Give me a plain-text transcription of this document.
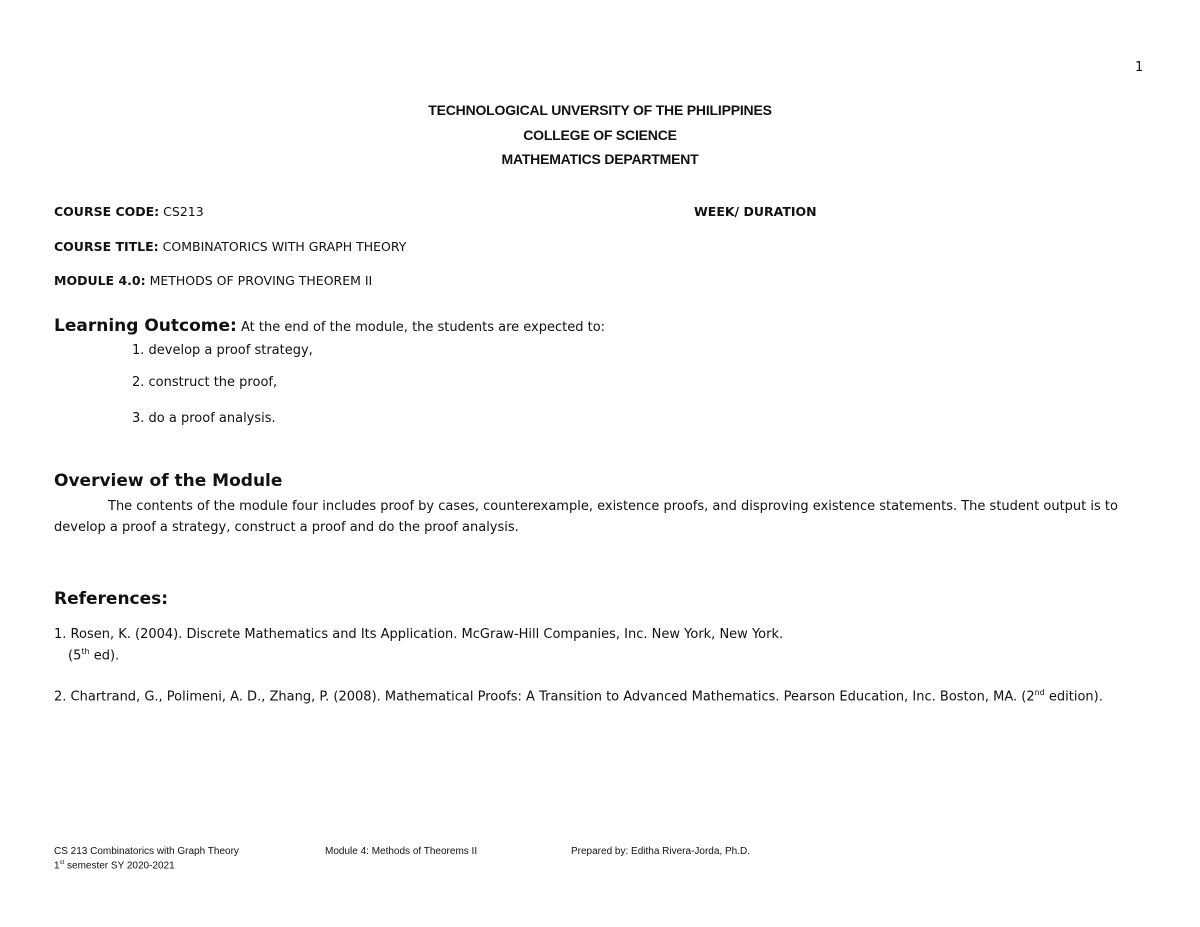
1
TECHNOLOGICAL UNVERSITY OF THE PHILIPPINES
COLLEGE OF SCIENCE
MATHEMATICS DEPARTMENT
COURSE CODE: CS213	WEEK/ DURATION
COURSE TITLE: COMBINATORICS WITH GRAPH THEORY
MODULE 4.0: METHODS OF PROVING THEOREM II
Learning Outcome: At the end of the module, the students are expected to:
1. develop a proof strategy,
2. construct the proof,
3. do a proof analysis.
Overview of the Module
The contents of the module four includes proof by cases, counterexample, existence proofs, and disproving existence statements. The student output is to develop a proof a strategy, construct a proof and do the proof analysis.
References:
1. Rosen, K. (2004). Discrete Mathematics and Its Application. McGraw-Hill Companies, Inc. New York, New York.
(5th ed).
2. Chartrand, G., Polimeni, A. D., Zhang, P. (2008). Mathematical Proofs: A Transition to Advanced Mathematics. Pearson Education, Inc. Boston, MA. (2nd edition).
CS 213 Combinatorics with Graph Theory
1st semester SY 2020-2021
Module 4: Methods of Theorems II	Prepared by: Editha Rivera-Jorda, Ph.D.
